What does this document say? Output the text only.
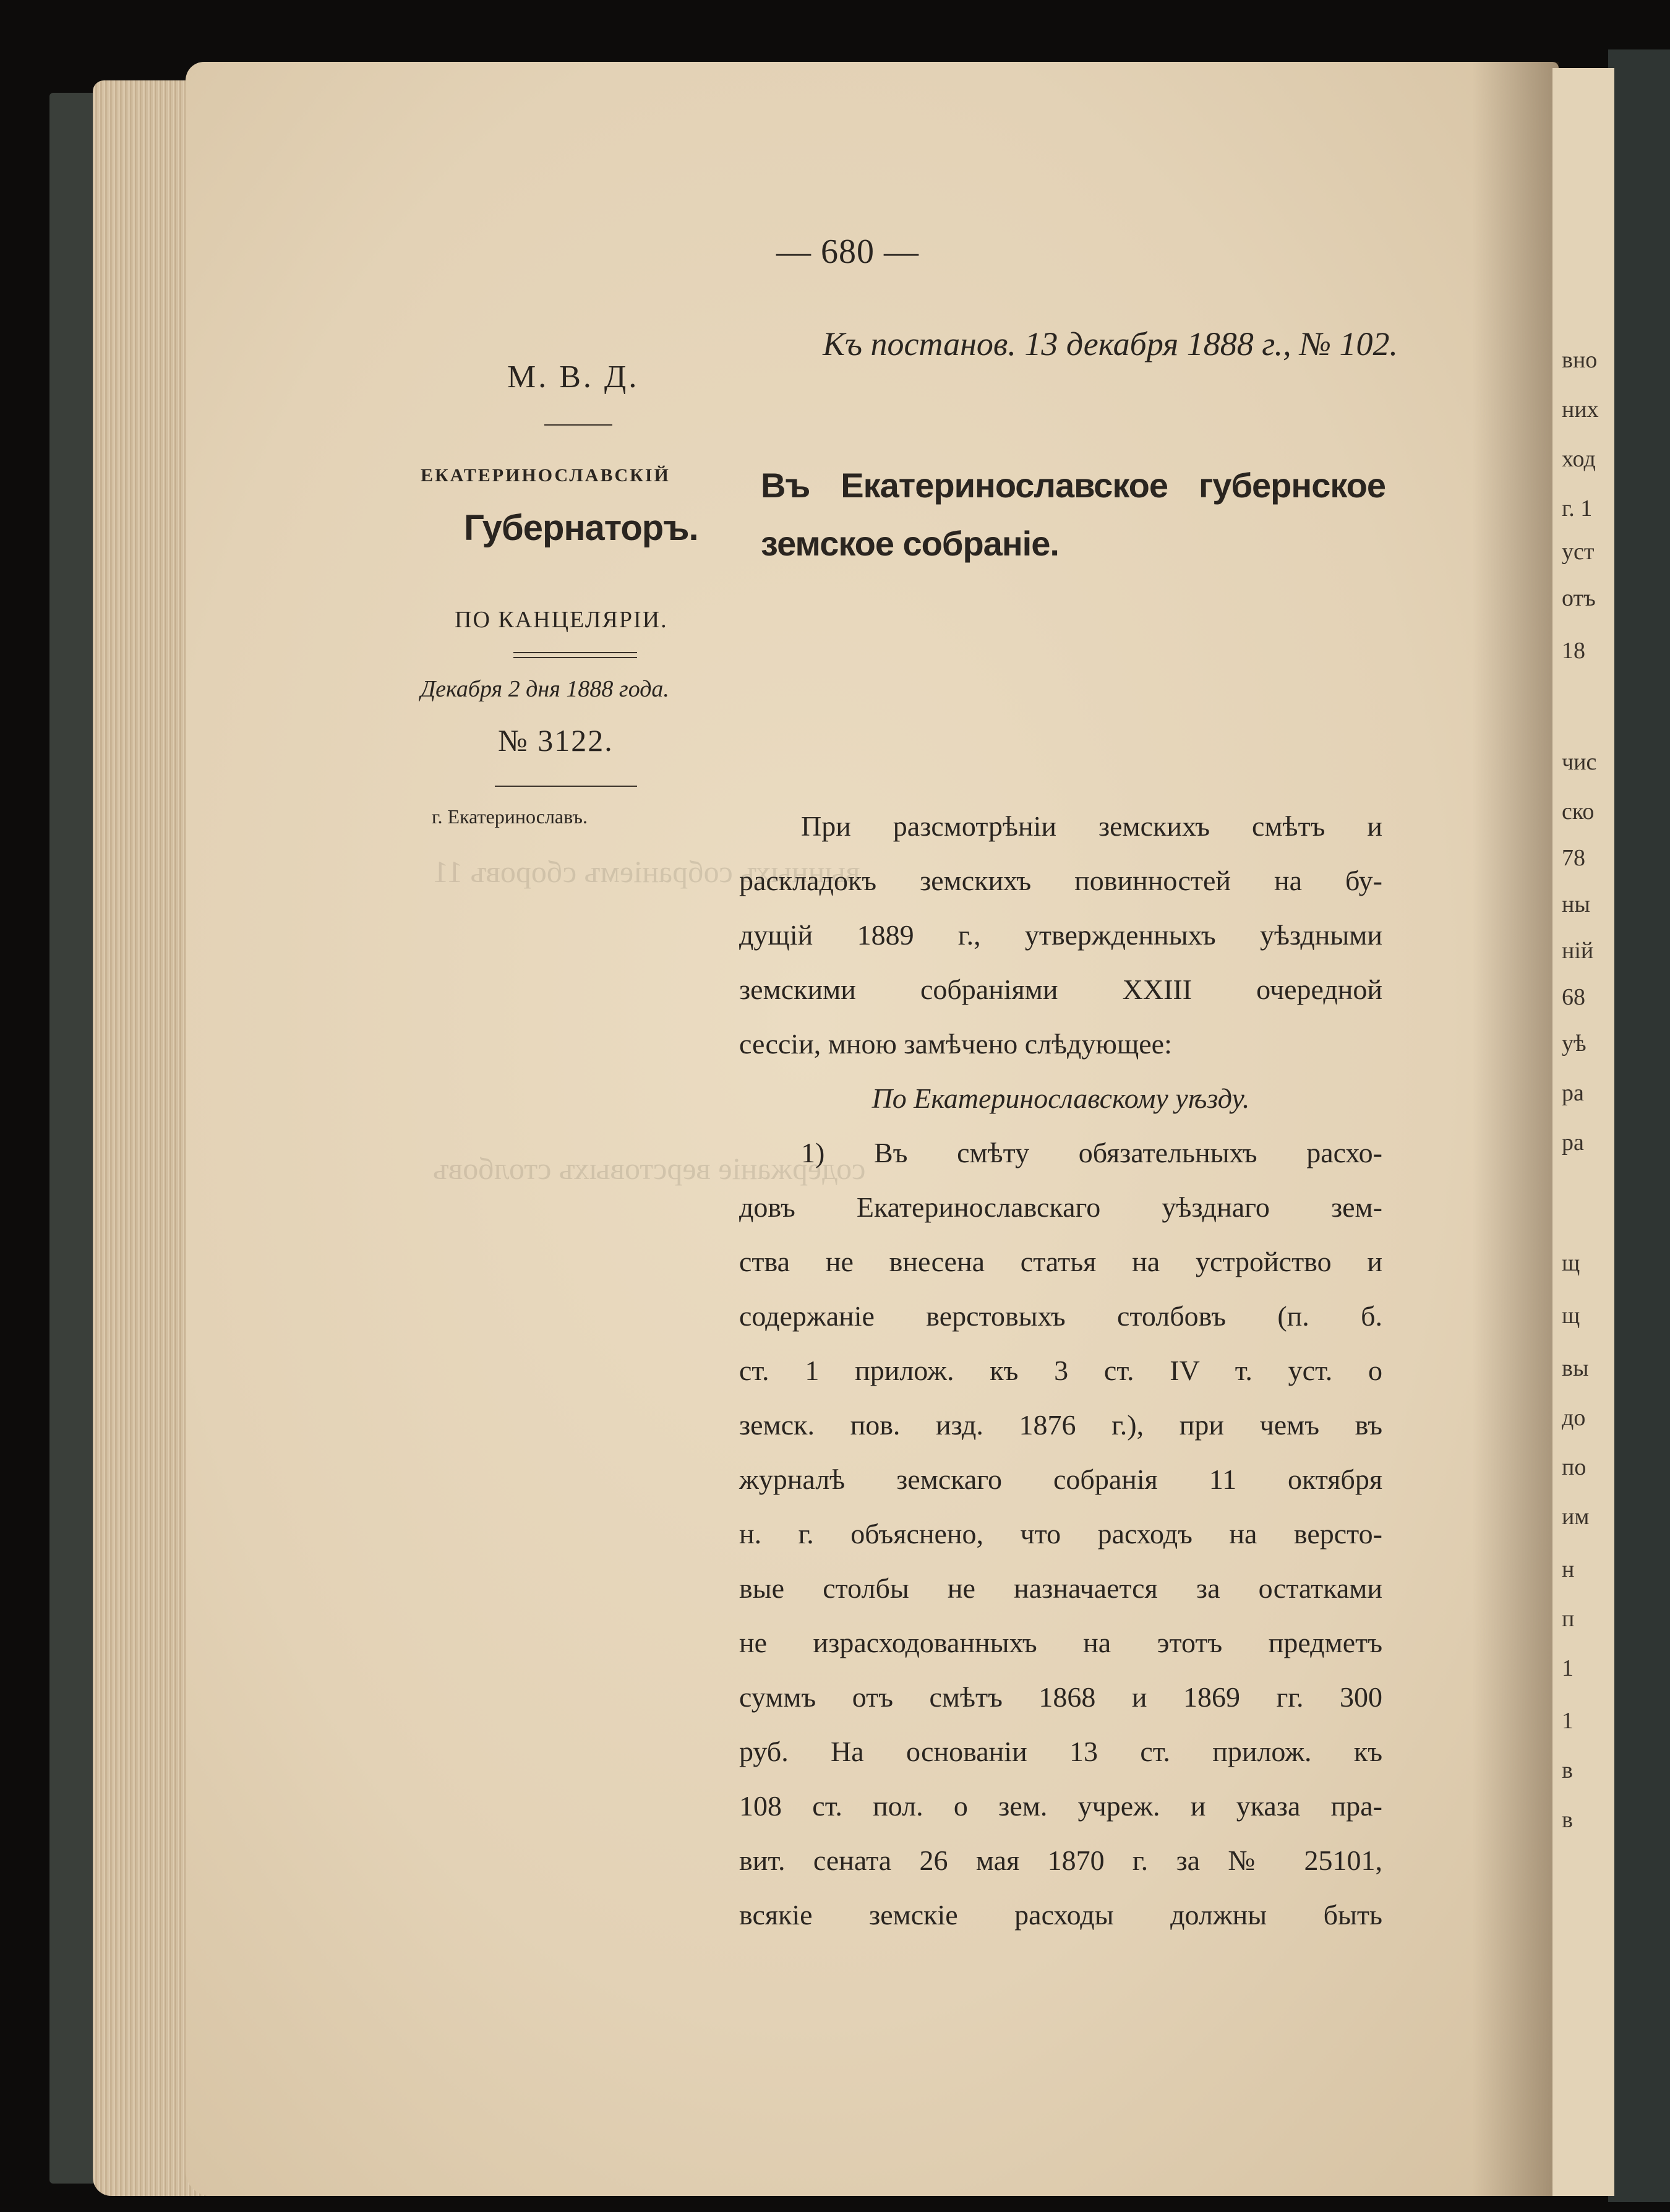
вно
них
ход
г. 1
уст
отъ
18
чис
ско
78
ны
ній
68
уѣ
ра
ра
щ
щ
вы
до
по
им
н
п
1
1
в
в
вынныхъ собраніемъ сборовъ 11
содержаніе верстовыхъ столбовъ
— 680 —
Къ постанов. 13 декабря 1888 г., № 102.
М. В. Д.
ЕКАТЕРИНОСЛАВСКІЙ
Губернаторъ.
ПО КАНЦЕЛЯРІИ.
Декабря 2 дня 1888 года.
№ 3122.
г. Екатеринославъ.
Въ Екатеринославское губернское
земское собраніе.
При разсмотрѣніи земскихъ смѣтъ и
раскладокъ земскихъ повинностей на бу-
дущій 1889 г., утвержденныхъ уѣздными
земскими собраніями XXIII очередной
сессіи, мною замѣчено слѣдующее:
По Екатеринославскому уѣзду.
1) Въ смѣту обязательныхъ расхо-
довъ Екатеринославскаго уѣзднаго зем-
ства не внесена статья на устройство и
содержаніе верстовыхъ столбовъ (п. б.
ст. 1 прилож. къ 3 ст. IV т. уст. о
земск. пов. изд. 1876 г.), при чемъ въ
журналѣ земскаго собранія 11 октября
н. г. объяснено, что расходъ на версто-
вые столбы не назначается за остатками
не израсходованныхъ на этотъ предметъ
суммъ отъ смѣтъ 1868 и 1869 гг. 300
руб. На основаніи 13 ст. прилож. къ
108 ст. пол. о зем. учреж. и указа пра-
вит. сената 26 мая 1870 г. за № 25101,
всякіе земскіе расходы должны быть
